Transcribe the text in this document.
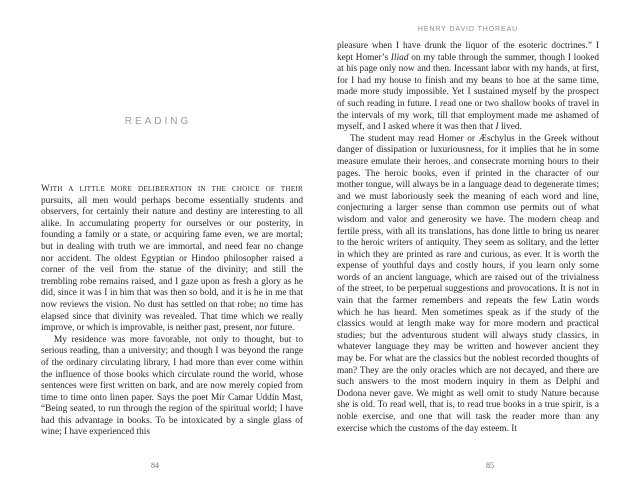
READING

With a little more deliberation in the choice of their pursuits, all men would perhaps become essentially students and observers, for certainly their nature and destiny are interesting to all alike. In accumulating property for ourselves or our posterity, in founding a family or a state, or acquiring fame even, we are mortal; but in dealing with truth we are immortal, and need fear no change nor accident. The oldest Egyptian or Hindoo philosopher raised a corner of the veil from the statue of the divinity; and still the trembling robe remains raised, and I gaze upon as fresh a glory as he did, since it was I in him that was then so bold, and it is he in me that now reviews the vision. No dust has settled on that robe; no time has elapsed since that divinity was revealed. That time which we really improve, or which is improvable, is neither past, present, nor future.

My residence was more favorable, not only to thought, but to serious reading, than a university; and though I was beyond the range of the ordinary circulating library, I had more than ever come within the influence of those books which circulate round the world, whose sentences were first written on bark, and are now merely copied from time to time onto linen paper. Says the poet Mír Camar Uddín Mast, “Being seated, to run through the region of the spiritual world; I have had this advantage in books. To be intoxicated by a single glass of wine; I have experienced this

84
HENRY DAVID THOREAU

pleasure when I have drunk the liquor of the esoteric doctrines.” I kept Homer’s Iliad on my table through the summer, though I looked at his page only now and then. Incessant labor with my hands, at first, for I had my house to finish and my beans to hoe at the same time, made more study impossible. Yet I sustained myself by the prospect of such reading in future. I read one or two shallow books of travel in the intervals of my work, till that employment made me ashamed of myself, and I asked where it was then that I lived.

The student may read Homer or Æschylus in the Greek without danger of dissipation or luxuriousness, for it implies that he in some measure emulate their heroes, and consecrate morning hours to their pages. The heroic books, even if printed in the character of our mother tongue, will always be in a language dead to degenerate times; and we must laboriously seek the meaning of each word and line, conjecturing a larger sense than common use permits out of what wisdom and valor and generosity we have. The modern cheap and fertile press, with all its translations, has done little to bring us nearer to the heroic writers of antiquity. They seem as solitary, and the letter in which they are printed as rare and curious, as ever. It is worth the expense of youthful days and costly hours, if you learn only some words of an ancient language, which are raised out of the trivialness of the street, to be perpetual suggestions and provocations. It is not in vain that the farmer remembers and repeats the few Latin words which he has heard. Men sometimes speak as if the study of the classics would at length make way for more modern and practical studies; but the adventurous student will always study classics, in whatever language they may be written and however ancient they may be. For what are the classics but the noblest recorded thoughts of man? They are the only oracles which are not decayed, and there are such answers to the most modern inquiry in them as Delphi and Dodona never gave. We might as well omit to study Nature because she is old. To read well, that is, to read true books in a true spirit, is a noble exercise, and one that will task the reader more than any exercise which the customs of the day esteem. It

85
